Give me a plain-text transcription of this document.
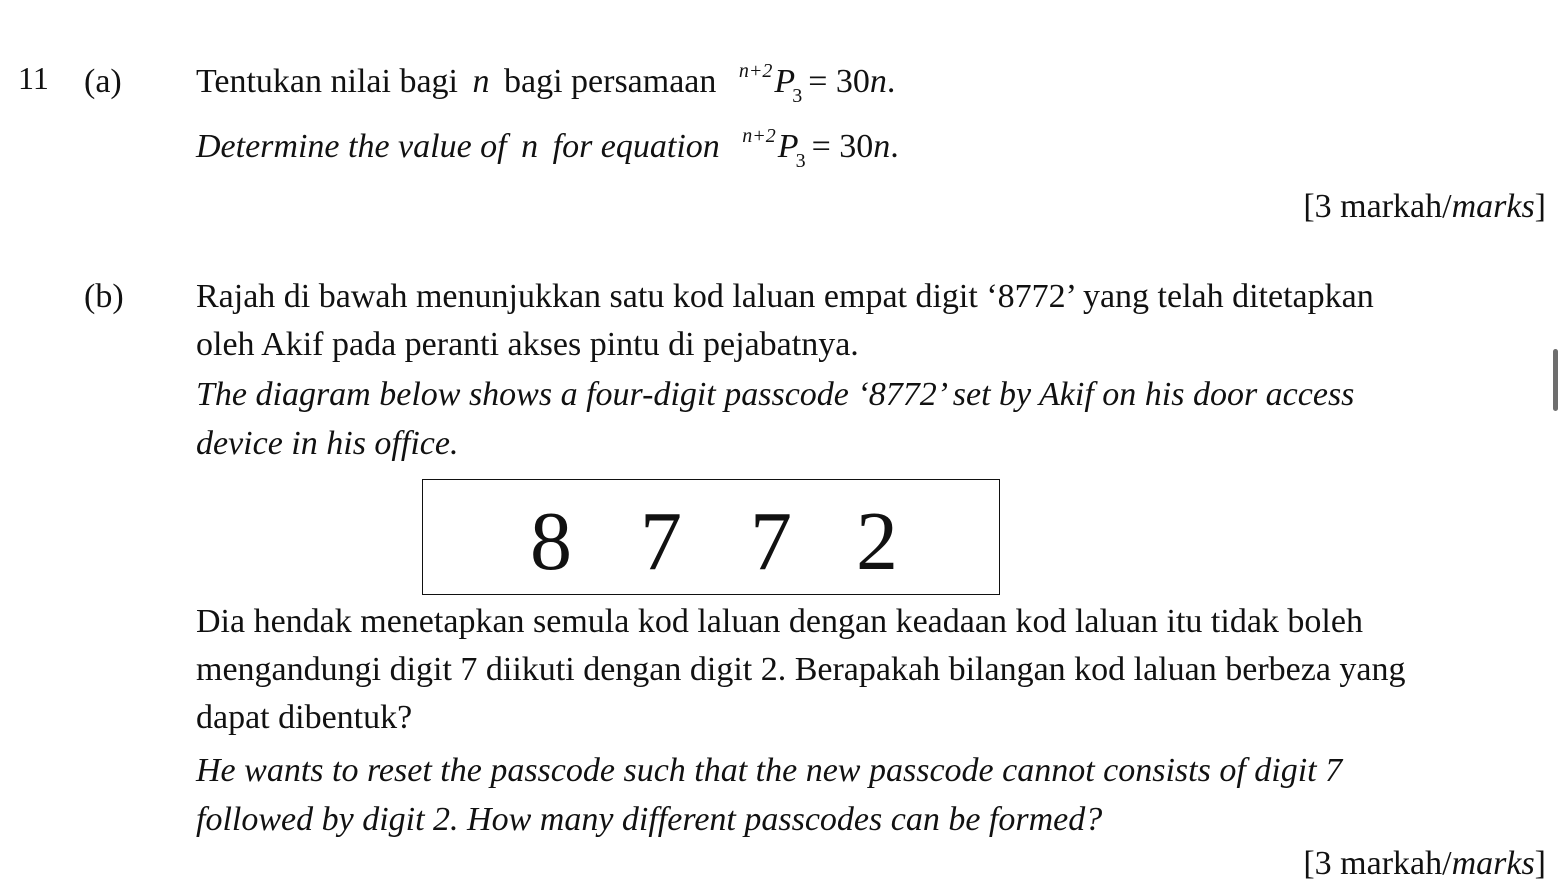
11 (a) Tentukan nilai bagi n bagi persamaan $^{n+2}P_3 = 30n$.
Determine the value of n for equation $^{n+2}P_3 = 30n$.
[3 markah/marks]
(b) Rajah di bawah menunjukkan satu kod laluan empat digit ‘8772’ yang telah ditetapkan
oleh Akif pada peranti akses pintu di pejabatnya.
The diagram below shows a four-digit passcode ‘8772’ set by Akif on his door access
device in his office.
8 7 7 2
Dia hendak menetapkan semula kod laluan dengan keadaan kod laluan itu tidak boleh
mengandungi digit 7 diikuti dengan digit 2. Berapakah bilangan kod laluan berbeza yang
dapat dibentuk?
He wants to reset the passcode such that the new passcode cannot consists of digit 7
followed by digit 2. How many different passcodes can be formed?
[3 markah/marks]
